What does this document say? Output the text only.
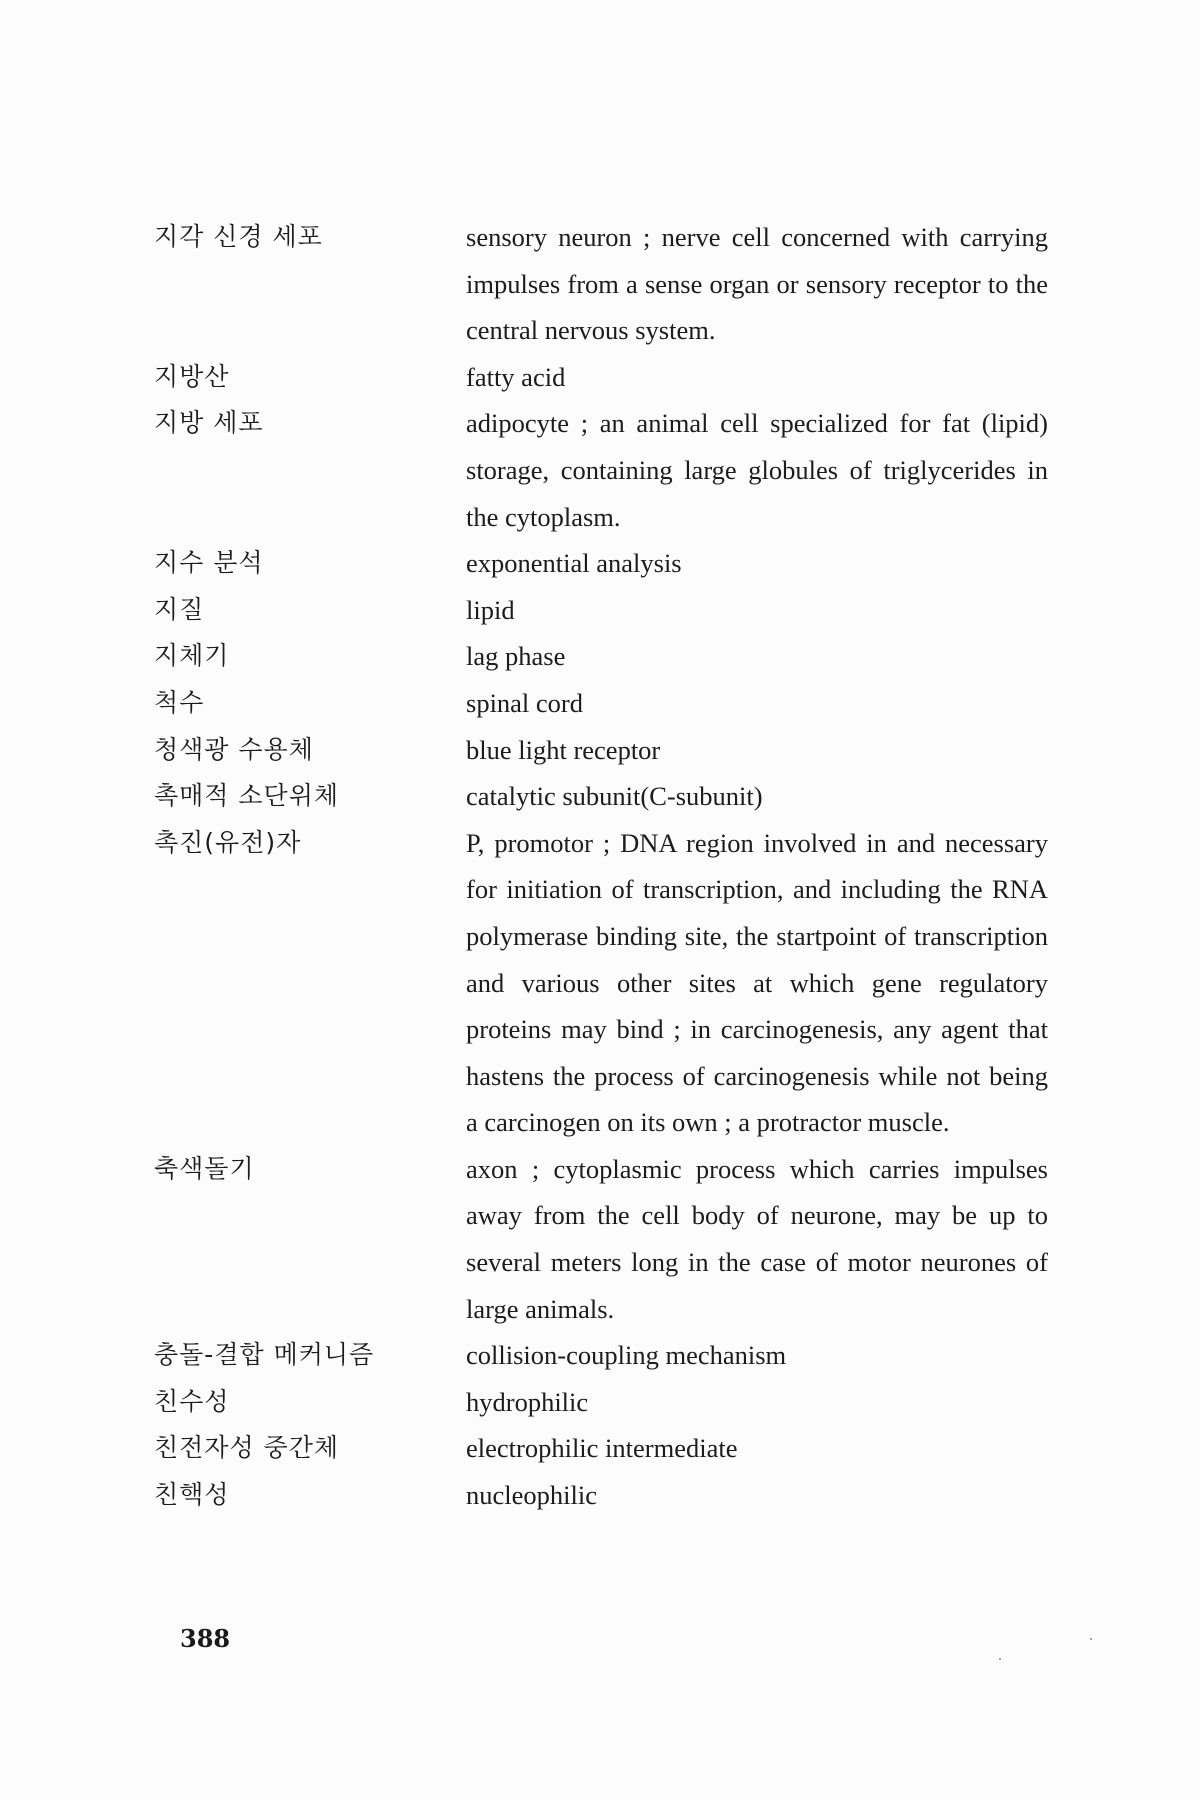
지각 신경 세포	sensory neuron ; nerve cell concerned with carrying impulses from a sense organ or sensory receptor to the central nervous system.
지방산	fatty acid
지방 세포	adipocyte ; an animal cell specialized for fat (lipid) storage, containing large globules of triglycerides in the cytoplasm.
지수 분석	exponential analysis
지질	lipid
지체기	lag phase
척수	spinal cord
청색광 수용체	blue light receptor
촉매적 소단위체	catalytic subunit(C-subunit)
촉진(유전)자	P, promotor ; DNA region involved in and necessary for initiation of transcription, and including the RNA polymerase binding site, the startpoint of transcription and various other sites at which gene regulatory proteins may bind ; in carcinogenesis, any agent that hastens the process of carcinogenesis while not being a carcinogen on its own ; a protractor muscle.
축색돌기	axon ; cytoplasmic process which carries impulses away from the cell body of neurone, may be up to several meters long in the case of motor neurones of large animals.
충돌-결합 메커니즘	collision-coupling mechanism
친수성	hydrophilic
친전자성 중간체	electrophilic intermediate
친핵성	nucleophilic
388
